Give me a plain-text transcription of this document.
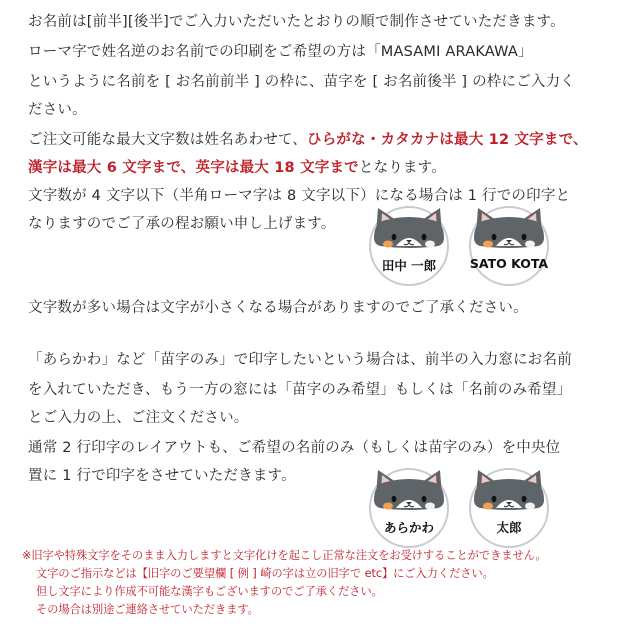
お名前は[前半][後半]でご入力いただいたとおりの順で制作させていただきます。
ローマ字で姓名逆のお名前での印刷をご希望の方は「MASAMI ARAKAWA」
というように名前を [ お名前前半 ] の枠に、苗字を [ お名前後半 ] の枠にご入力く
ださい。
ご注文可能な最大文字数は姓名あわせて、ひらがな・カタカナは最大 12 文字まで、
漢字は最大 6 文字まで、英字は最大 18 文字までとなります。
文字数が 4 文字以下（半角ローマ字は 8 文字以下）になる場合は 1 行での印字と
なりますのでご了承の程お願い申し上げます。
田中 一郎	SATO KOTA
文字数が多い場合は文字が小さくなる場合がありますのでご了承ください。
「あらかわ」など「苗字のみ」で印字したいという場合は、前半の入力窓にお名前
を入れていただき、もう一方の窓には「苗字のみ希望」もしくは「名前のみ希望」
とご入力の上、ご注文ください。
通常 2 行印字のレイアウトも、ご希望の名前のみ（もしくは苗字のみ）を中央位
置に 1 行で印字をさせていただきます。
あらかわ	太郎
※旧字や特殊文字をそのまま入力しますと文字化けを起こし正常な注文をお受けすることができません。
文字のご指示などは【旧字のご要望欄 [ 例 ] 崎の字は立の旧字で etc】にご入力ください。
但し文字により作成不可能な漢字もございますのでご了承ください。
その場合は別途ご連絡させていただきます。
